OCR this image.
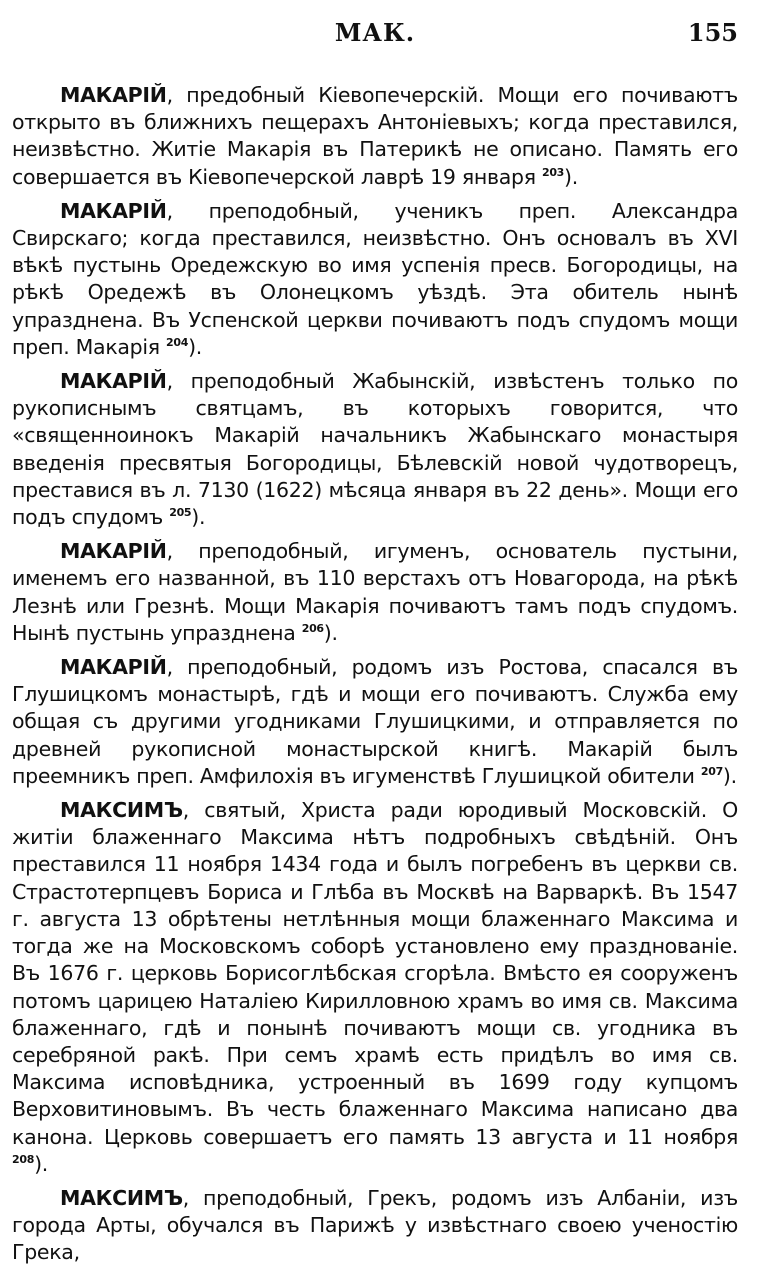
МАК.	155

МАКАРІЙ, предобный Кіевопечерскій. Мощи его почиваютъ открыто въ ближнихъ пещерахъ Антоніевыхъ; когда преставился, неизвѣстно. Житіе Макарія въ Патерикѣ не описано. Память его совершается въ Кіевопечерской лаврѣ 19 января $^{203}$).

МАКАРІЙ, преподобный, ученикъ преп. Александра Свирскаго; когда преставился, неизвѣстно. Онъ основалъ въ XVI вѣкѣ пустынь Оредежскую во имя успенія пресв. Богородицы, на рѣкѣ Оредежѣ въ Олонецкомъ уѣздѣ. Эта обитель нынѣ упразднена. Въ Успенской церкви почиваютъ подъ спудомъ мощи преп. Макарія $^{204}$).

МАКАРІЙ, преподобный Жабынскій, извѣстенъ только по рукописнымъ святцамъ, въ которыхъ говорится, что «священноинокъ Макарій начальникъ Жабынскаго монастыря введенія пресвятыя Богородицы, Бѣлевскій новой чудотворецъ, преставися въ л. 7130 (1622) мѣсяца января въ 22 день». Мощи его подъ спудомъ $^{205}$).

МАКАРІЙ, преподобный, игуменъ, основатель пустыни, именемъ его названной, въ 110 верстахъ отъ Новагорода, на рѣкѣ Лезнѣ или Грезнѣ. Мощи Макарія почиваютъ тамъ подъ спудомъ. Нынѣ пустынь упразднена $^{206}$).

МАКАРІЙ, преподобный, родомъ изъ Ростова, спасался въ Глушицкомъ монастырѣ, гдѣ и мощи его почиваютъ. Служба ему общая съ другими угодниками Глушицкими, и отправляется по древней рукописной монастырской книгѣ. Макарій былъ преемникъ преп. Амфилохія въ игуменствѣ Глушицкой обители $^{207}$).

МАКСИМЪ, святый, Христа ради юродивый Московскій. О житіи блаженнаго Максима нѣтъ подробныхъ свѣдѣній. Онъ преставился 11 ноября 1434 года и былъ погребенъ въ церкви св. Страстотерпцевъ Бориса и Глѣба въ Москвѣ на Варваркѣ. Въ 1547 г. августа 13 обрѣтены нетлѣнныя мощи блаженнаго Максима и тогда же на Московскомъ соборѣ установлено ему празднованіе. Въ 1676 г. церковь Борисоглѣбская сгорѣла. Вмѣсто ея сооруженъ потомъ царицею Наталіею Кирилловною храмъ во имя св. Максима блаженнаго, гдѣ и понынѣ почиваютъ мощи св. угодника въ серебряной ракѣ. При семъ храмѣ есть придѣлъ во имя св. Максима исповѣдника, устроенный въ 1699 году купцомъ Верховитиновымъ. Въ честь блаженнаго Максима написано два канона. Церковь совершаетъ его память 13 августа и 11 ноября $^{208}$).

МАКСИМЪ, преподобный, Грекъ, родомъ изъ Албаніи, изъ города Арты, обучался въ Парижѣ у извѣстнаго своею ученостію Грека,
